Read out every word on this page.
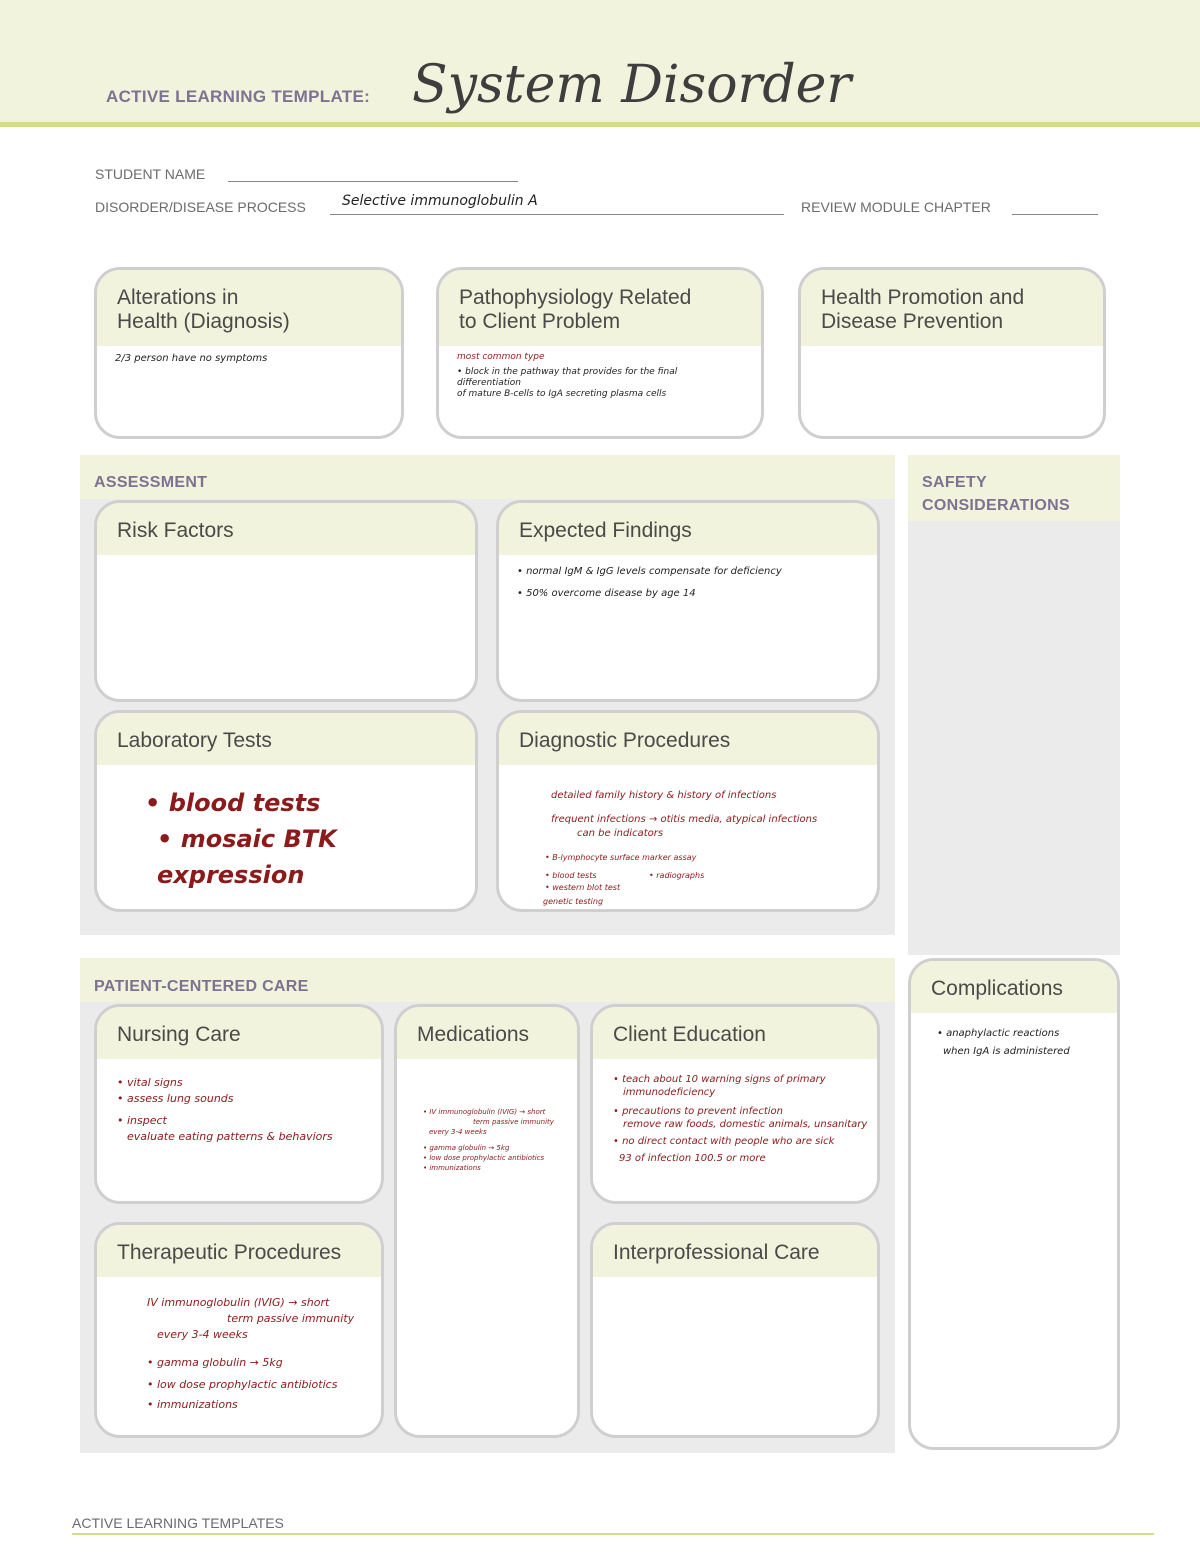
ACTIVE LEARNING TEMPLATE: System Disorder
STUDENT NAME
DISORDER/DISEASE PROCESS	Selective immunoglobulin A	REVIEW MODULE CHAPTER
Alterations in
Health (Diagnosis)
2/3 person have no symptoms
Pathophysiology Related
to Client Problem
most common type
• block in the pathway that provides for the final differentiation
of mature B-cells to IgA secreting plasma cells
Health Promotion and
Disease Prevention
ASSESSMENT
Risk Factors	Expected Findings
• normal IgM & IgG levels compensate for deficiency
• 50% overcome disease by age 14
Laboratory Tests
• blood tests
• mosaic BTK expression
Diagnostic Procedures
detailed family history & history of infections
frequent infections → otitis media, atypical infections
can be indicators
• B-lymphocyte surface marker assay
• blood tests	• radiographs
• western blot test
genetic testing
SAFETY
CONSIDERATIONS
Complications
• anaphylactic reactions
when IgA is administered
PATIENT-CENTERED CARE
Nursing Care
• vital signs
• assess lung sounds
• inspect
evaluate eating patterns & behaviors
Medications
• IV immunoglobulin (IVIG) → short
term passive immunity
every 3-4 weeks
• gamma globulin → 5kg
• low dose prophylactic antibiotics
• immunizations
Client Education
• teach about 10 warning signs of primary
immunodeficiency
• precautions to prevent infection
remove raw foods, domestic animals, unsanitary
• no direct contact with people who are sick
93 of infection 100.5 or more
Therapeutic Procedures
IV immunoglobulin (IVIG) → short
term passive immunity
every 3-4 weeks
• gamma globulin → 5kg
• low dose prophylactic antibiotics
• immunizations
Interprofessional Care
ACTIVE LEARNING TEMPLATES
